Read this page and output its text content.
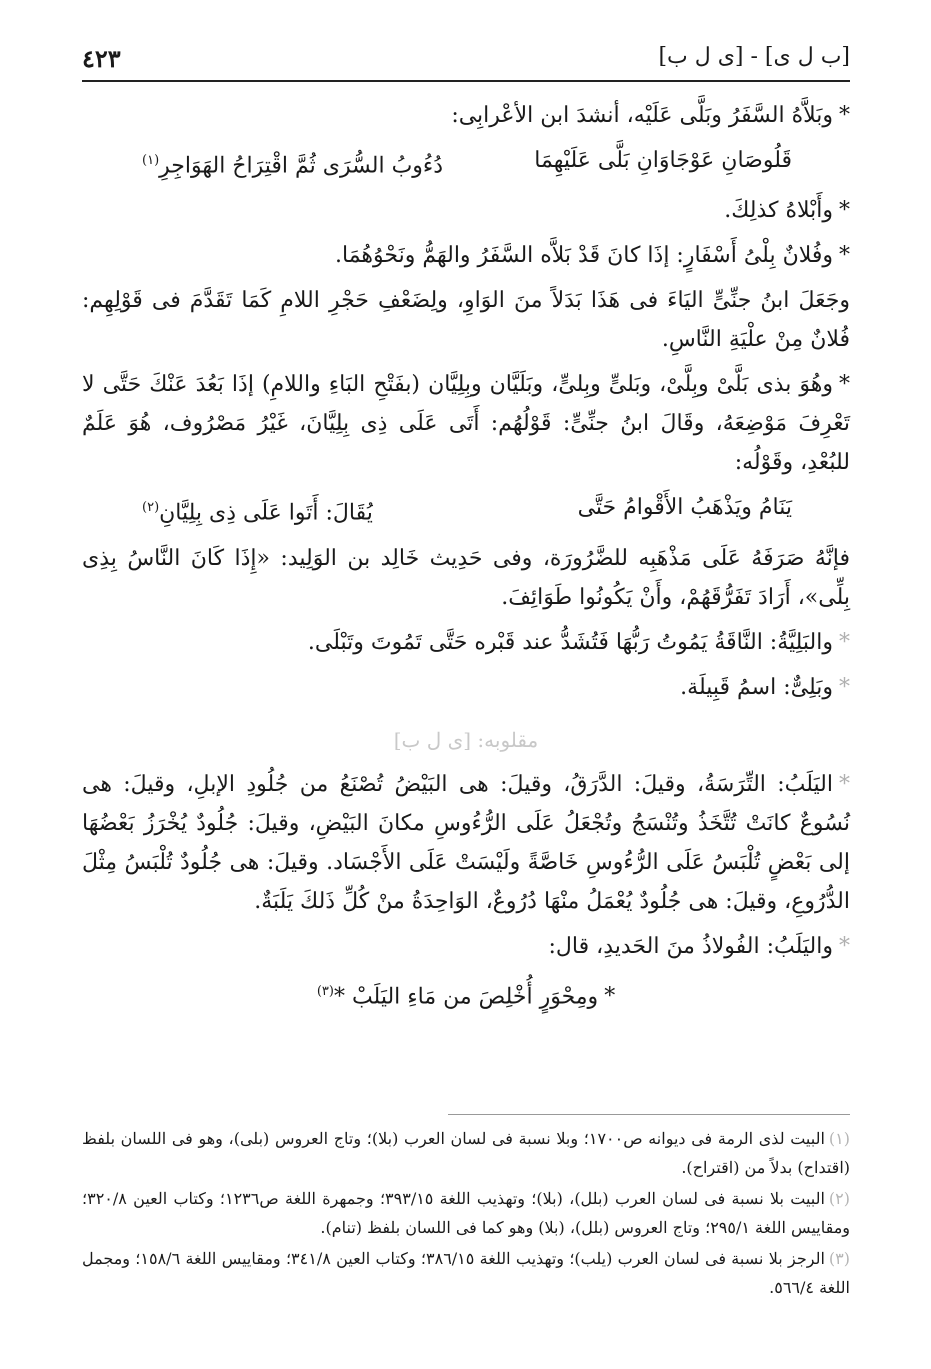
[ب ل ى] - [ى ل ب]
٤٢٣

*وبَلاَّهُ السَّفَرُ وبَلَّى عَلَيْه، أنشدَ ابن الأعْرابِى:

قَلُوصَانِ عَوْجَاوَانِ بَلَّى عَلَيْهِمَا
دُءُوبُ السُّرَى ثُمَّ اقْتِرَاحُ الهَوَاجِرِ$^{(١)}$

*وأَبْلاهُ كذلِكَ.

*وفُلانٌ بِلْىُ أَسْفَارٍ: إذَا كانَ قَدْ بَلاَّه السَّفَرُ والهَمُّ ونَحْوُهُمَا.

وجَعَلَ ابنُ جنِّىٍّ اليَاءَ فى هَذَا بَدَلاً منَ الوَاوِ، ولِضَعْفِ حَجْرِ اللامِ كَمَا تَقَدَّمَ فى قَوْلِهِم: فُلانٌ مِنْ علْيَةِ النَّاسِ.

*وهُوَ بذى بَلَّىْ وبِلَّىْ، وبَلىٍّ وبِلىٍّ، وبَلَيَّان وبِلِيَّان (بفَتْحِ البَاءِ واللامِ) إذَا بَعُدَ عَنْكَ حَتَّى لا تَعْرِفَ مَوْضِعَهُ، وقَالَ ابنُ جنِّىٍّ: قَوْلُهُم: أَتَى عَلَى ذِى بِلِيَّانَ، غَيْرُ مَصْرُوف، هُوَ عَلَمٌ للبُعْدِ، وقَوْلُه:

يَنَامُ ويَذْهَبُ الأَقْوامُ حَتَّى
يُقَالَ: أَتَوا عَلَى ذِى بِلِيَّانِ$^{(٢)}$

فإنَّهُ صَرَفَهُ عَلَى مَذْهَبِه للضَّرُورَة، وفى حَدِيث خَالِد بن الوَلِيد: «إِذَا كَانَ النَّاسُ بِذِى بِلِّى»، أَرَادَ تَفَرُّقَهُمْ، وأَنْ يَكُونُوا طَوَائِفَ.

*والبَلِيَّةُ: النَّاقَةُ يَمُوتُ رَبُّهَا فَتُشَدُّ عند قَبْره حَتَّى تَمُوتَ وتَبْلَى.

*وبَلِىٌّ: اسمُ قَبِيلَة.

مقلوبه: [ى ل ب]

*اليَلَبُ: التِّرَسَةُ، وقيلَ: الدَّرَقُ، وقيلَ: هى البَيْضُ تُصْنَعُ من جُلُودِ الإبلِ، وقيلَ: هى نُسُوعٌ كانَتْ تُتَّخَذُ وتُنْسَجُ وتُجْعَلُ عَلَى الرُّءُوسِ مكانَ البَيْضِ، وقيلَ: جُلُودٌ يُخْرَزُ بَعْضُهَا إلى بَعْضٍ تُلْبَسُ عَلَى الرُّءُوسِ خَاصَّةً ولَيْسَتْ عَلَى الأَجْسَاد. وقيلَ: هى جُلُودٌ تُلْبَسُ مِثْلَ الدُّرُوعِ، وقيلَ: هى جُلُودٌ يُعْمَلُ منْهَا دُرُوعٌ، الوَاحِدَةُ منْ كُلِّ ذَلكَ يَلَبَةٌ.

*واليَلَبُ: الفُولاذُ منَ الحَديدِ، قال:

*ومِحْوَرٍ أُخْلِصَ من مَاءِ اليَلَبْ *$^{(٣)}$

(١)البيت لذى الرمة فى ديوانه ص١٧٠٠؛ وبلا نسبة فى لسان العرب (بلا)؛ وتاج العروس (بلى)، وهو فى اللسان بلفظ (اقتداح) بدلاً من (اقتراح).

(٢)البيت بلا نسبة فى لسان العرب (بلل)، (بلا)؛ وتهذيب اللغة ٣٩٣/١٥؛ وجمهرة اللغة ص١٢٣٦؛ وكتاب العين ٣٢٠/٨؛ ومقاييس اللغة ٢٩٥/١؛ وتاج العروس (بلل)، (بلا) وهو كما فى اللسان بلفظ (تنام).

(٣)الرجز بلا نسبة فى لسان العرب (يلب)؛ وتهذيب اللغة ٣٨٦/١٥؛ وكتاب العين ٣٤١/٨؛ ومقاييس اللغة ١٥٨/٦؛ ومجمل اللغة ٥٦٦/٤.
